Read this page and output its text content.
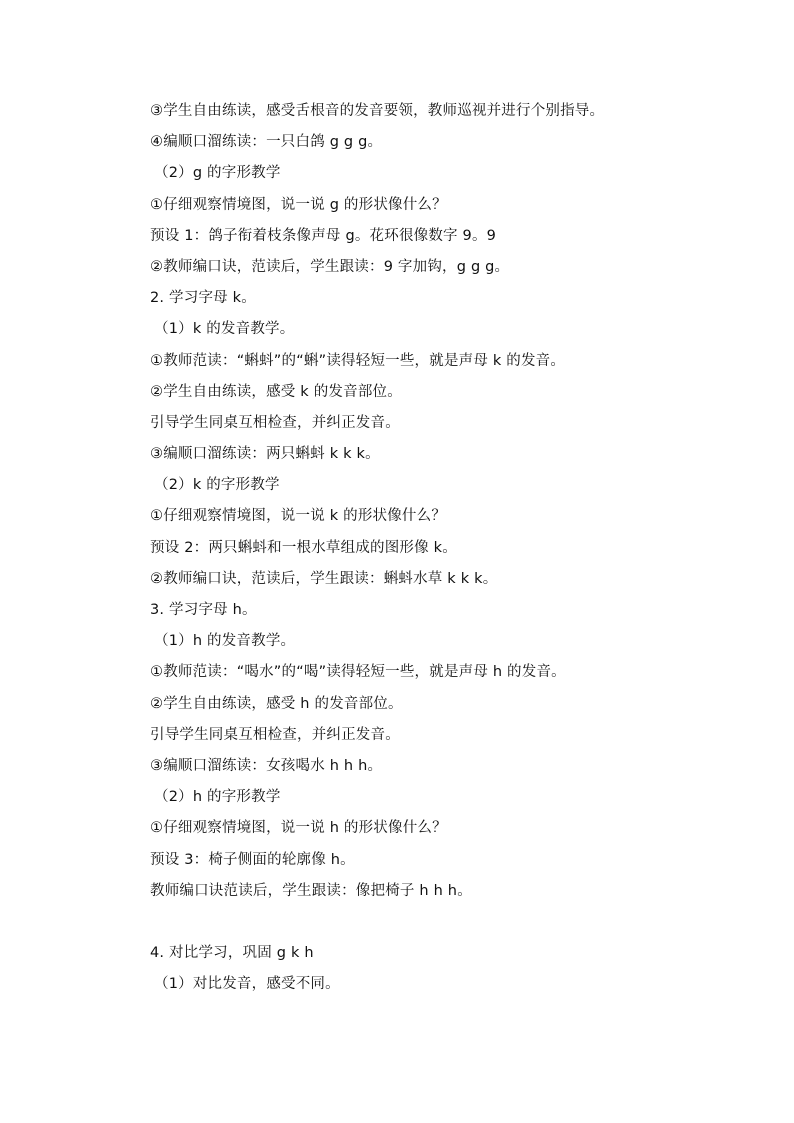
③学生自由练读，感受舌根音的发音要领，教师巡视并进行个别指导。
④编顺口溜练读：一只白鸽 g g g。
（2）g 的字形教学
①仔细观察情境图，说一说 g 的形状像什么？
预设 1：鸽子衔着枝条像声母 g。花环很像数字 9。9
②教师编口诀，范读后，学生跟读：9 字加钩，g g g。
2. 学习字母 k。
（1）k 的发音教学。
①教师范读：“蝌蚪”的“蝌”读得轻短一些，就是声母 k 的发音。
②学生自由练读，感受 k 的发音部位。
引导学生同桌互相检查，并纠正发音。
③编顺口溜练读：两只蝌蚪 k k k。
（2）k 的字形教学
①仔细观察情境图，说一说 k 的形状像什么？
预设 2：两只蝌蚪和一根水草组成的图形像 k。
②教师编口诀，范读后，学生跟读：蝌蚪水草 k k k。
3. 学习字母 h。
（1）h 的发音教学。
①教师范读：“喝水”的“喝”读得轻短一些，就是声母 h 的发音。
②学生自由练读，感受 h 的发音部位。
引导学生同桌互相检查，并纠正发音。
③编顺口溜练读：女孩喝水 h h h。
（2）h 的字形教学
①仔细观察情境图，说一说 h 的形状像什么？
预设 3：椅子侧面的轮廓像 h。
教师编口诀范读后，学生跟读：像把椅子 h h h。
4. 对比学习，巩固 g k h
（1）对比发音，感受不同。
